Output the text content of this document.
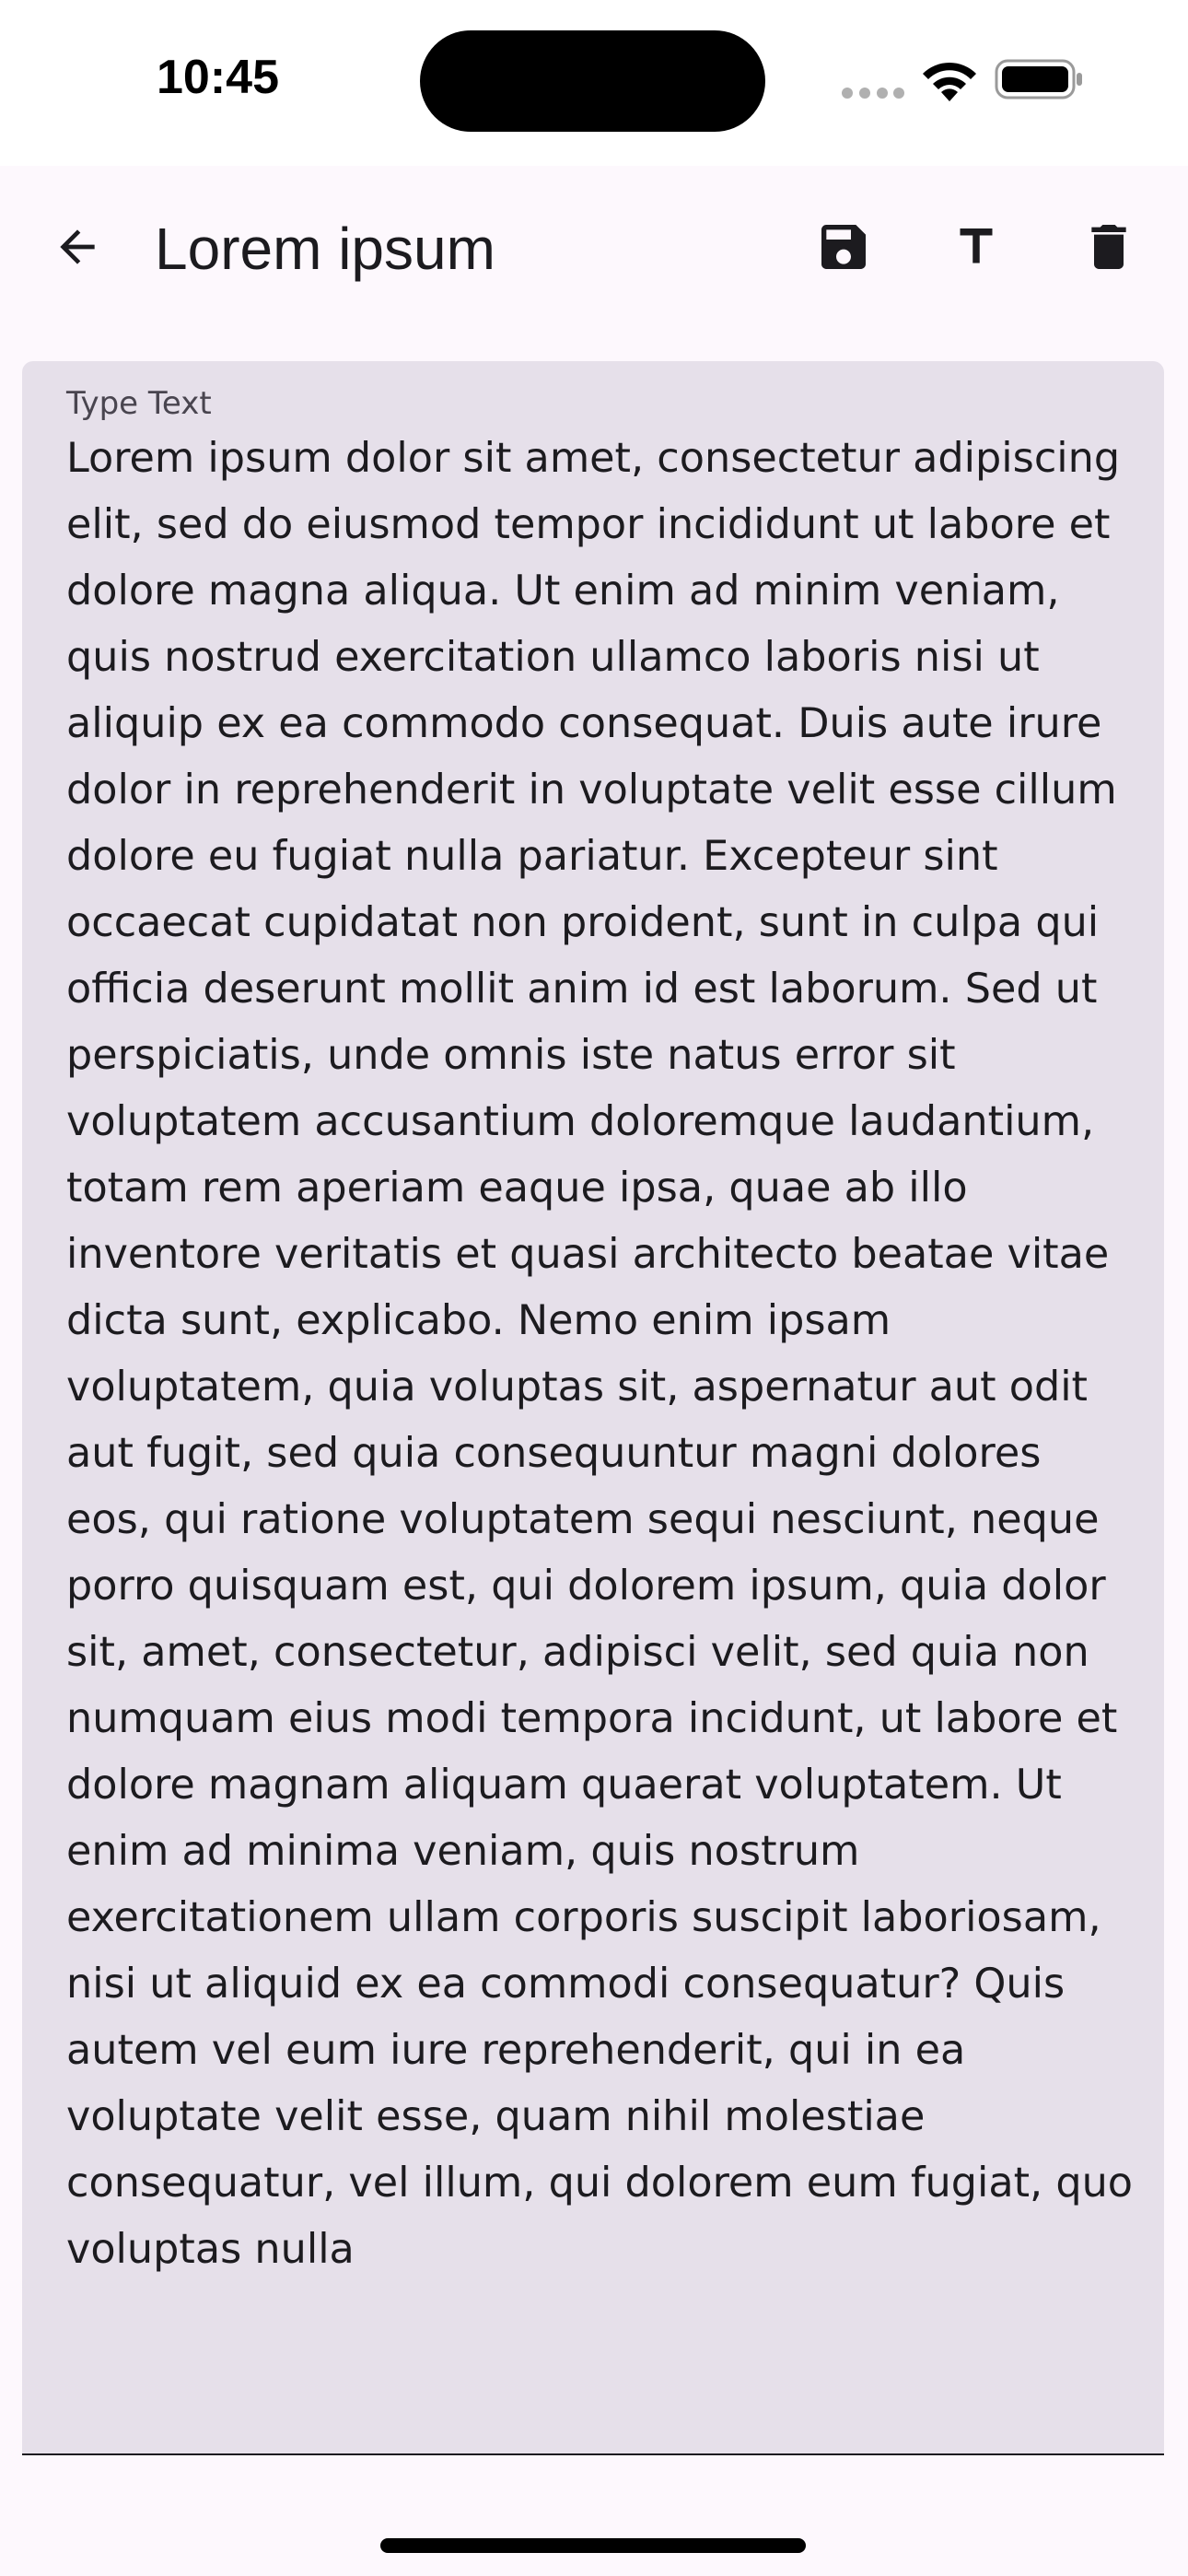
10:45
Lorem ipsum
Type Text

Lorem ipsum dolor sit amet, consectetur adipiscing elit, sed do eiusmod tempor incididunt ut labore et dolore magna aliqua. Ut enim ad minim veniam, quis nostrud exercitation ullamco laboris nisi ut aliquip ex ea commodo consequat. Duis aute irure dolor in reprehenderit in voluptate velit esse cillum dolore eu fugiat nulla pariatur. Excepteur sint occaecat cupidatat non proident, sunt in culpa qui officia deserunt mollit anim id est laborum. Sed ut perspiciatis, unde omnis iste natus error sit voluptatem accusantium doloremque laudantium, totam rem aperiam eaque ipsa, quae ab illo inventore veritatis et quasi architecto beatae vitae dicta sunt, explicabo. Nemo enim ipsam voluptatem, quia voluptas sit, aspernatur aut odit aut fugit, sed quia consequuntur magni dolores eos, qui ratione voluptatem sequi nesciunt, neque porro quisquam est, qui dolorem ipsum, quia dolor sit, amet, consectetur, adipisci velit, sed quia non numquam eius modi tempora incidunt, ut labore et dolore magnam aliquam quaerat voluptatem. Ut enim ad minima veniam, quis nostrum exercitationem ullam corporis suscipit laboriosam, nisi ut aliquid ex ea commodi consequatur? Quis autem vel eum iure reprehenderit, qui in ea voluptate velit esse, quam nihil molestiae consequatur, vel illum, qui dolorem eum fugiat, quo voluptas nulla
